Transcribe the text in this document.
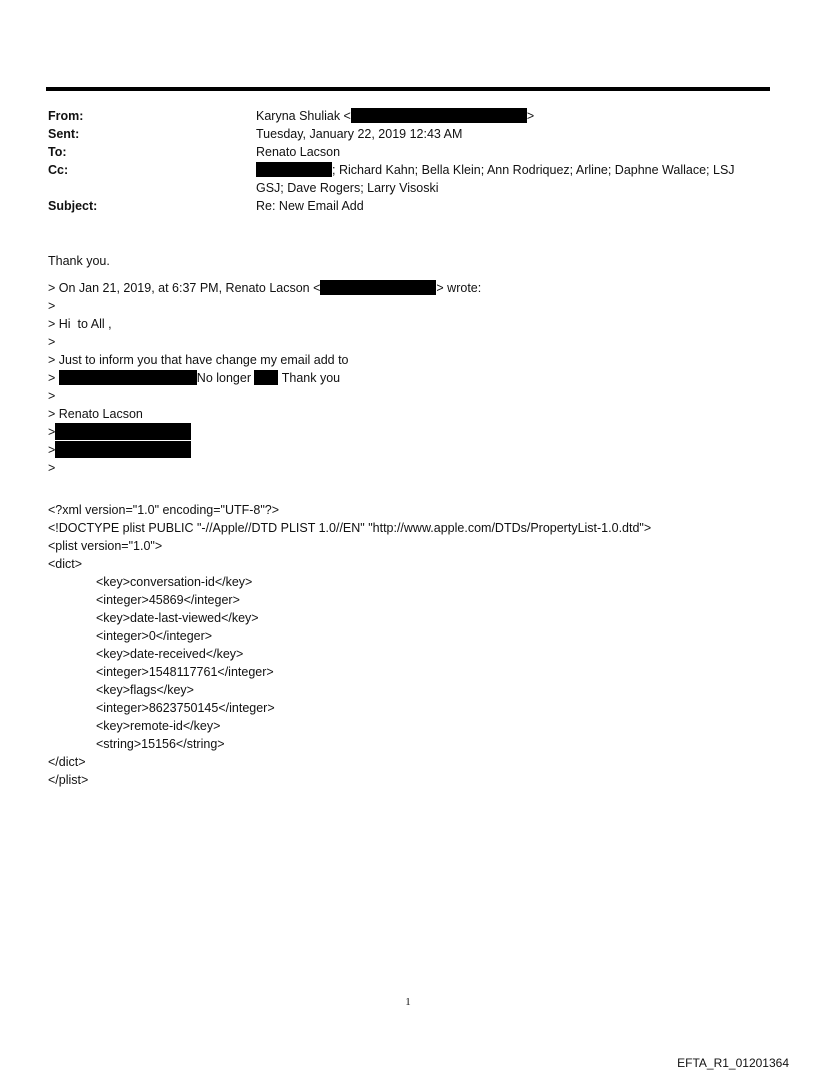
From:	Karyna Shuliak <	>
Sent:	Tuesday, January 22, 2019 12:43 AM
To:	Renato Lacson
Cc:	; Richard Kahn; Bella Klein; Ann Rodriquez; Arline; Daphne Wallace; LSJ
GSJ; Dave Rogers; Larry Visoski
Subject:	Re: New Email Add
Thank you.
> On Jan 21, 2019, at 6:37 PM, Renato Lacson <	> wrote:
>
> Hi  to All ,
>
> Just to inform you that have change my email add to
>	No longer  Thank you
>
> Renato Lacson
>
>
>
<?xml version="1.0" encoding="UTF-8"?>
<!DOCTYPE plist PUBLIC "-//Apple//DTD PLIST 1.0//EN" "http://www.apple.com/DTDs/PropertyList-1.0.dtd">
<plist version="1.0">
<dict>
<key>conversation-id</key>
<integer>45869</integer>
<key>date-last-viewed</key>
<integer>0</integer>
<key>date-received</key>
<integer>1548117761</integer>
<key>flags</key>
<integer>8623750145</integer>
<key>remote-id</key>
<string>15156</string>
</dict>
</plist>
1
EFTA_R1_01201364
